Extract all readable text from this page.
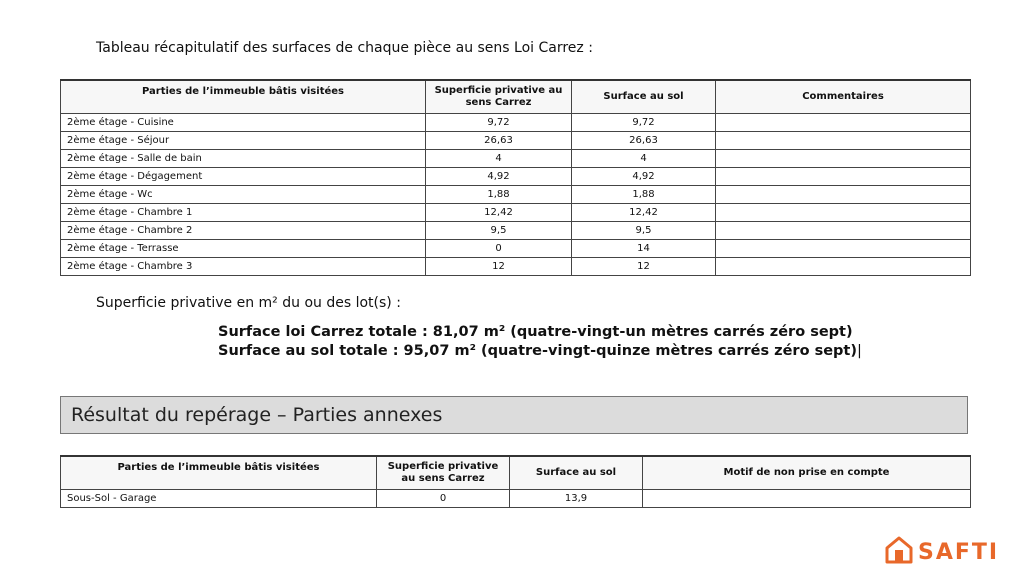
Tableau récapitulatif des surfaces de chaque pièce au sens Loi Carrez :
Parties de l’immeuble bâtis visitées	Superficie privative au sens Carrez	Surface au sol	Commentaires
2ème étage - Cuisine	9,72	9,72	
2ème étage - Séjour	26,63	26,63	
2ème étage - Salle de bain	4	4	
2ème étage - Dégagement	4,92	4,92	
2ème étage - Wc	1,88	1,88	
2ème étage - Chambre 1	12,42	12,42	
2ème étage - Chambre 2	9,5	9,5	
2ème étage - Terrasse	0	14	
2ème étage - Chambre 3	12	12	
Superficie privative en m² du ou des lot(s) :
Surface loi Carrez totale : 81,07 m² (quatre-vingt-un mètres carrés zéro sept)
Surface au sol totale : 95,07 m² (quatre-vingt-quinze mètres carrés zéro sept)|
Résultat du repérage – Parties annexes
Parties de l’immeuble bâtis visitées	Superficie privative au sens Carrez	Surface au sol	Motif de non prise en compte
Sous-Sol - Garage	0	13,9	
SAFTI
